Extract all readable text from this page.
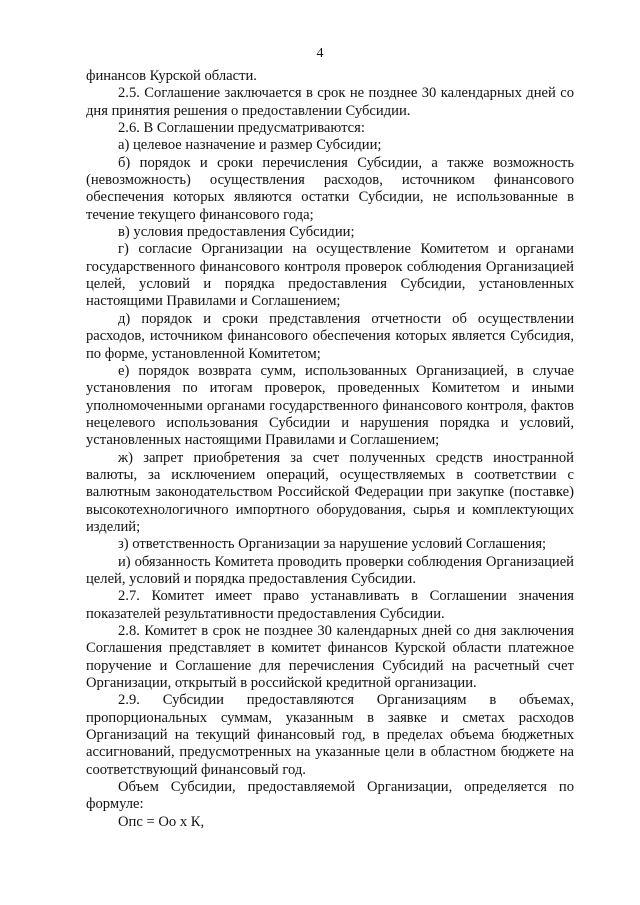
4

финансов Курской области.

2.5. Соглашение заключается в срок не позднее 30 календарных дней со дня принятия решения о предоставлении Субсидии.

2.6. В Соглашении предусматриваются:

а) целевое назначение и размер Субсидии;

б) порядок и сроки перечисления Субсидии, а также возможность (невозможность) осуществления расходов, источником финансового обеспечения которых являются остатки Субсидии, не использованные в течение текущего финансового года;

в) условия предоставления Субсидии;

г) согласие Организации на осуществление Комитетом и органами государственного финансового контроля проверок соблюдения Организацией целей, условий и порядка предоставления Субсидии, установленных настоящими Правилами и Соглашением;

д) порядок и сроки представления отчетности об осуществлении расходов, источником финансового обеспечения которых является Субсидия, по форме, установленной Комитетом;

е) порядок возврата сумм, использованных Организацией, в случае установления по итогам проверок, проведенных Комитетом и иными уполномоченными органами государственного финансового контроля, фактов нецелевого использования Субсидии и нарушения порядка и условий, установленных настоящими Правилами и Соглашением;

ж) запрет приобретения за счет полученных средств иностранной валюты, за исключением операций, осуществляемых в соответствии с валютным законодательством Российской Федерации при закупке (поставке) высокотехнологичного импортного оборудования, сырья и комплектующих изделий;

з) ответственность Организации за нарушение условий Соглашения;

и) обязанность Комитета проводить проверки соблюдения Организацией целей, условий и порядка предоставления Субсидии.

2.7. Комитет имеет право устанавливать в Соглашении значения показателей результативности предоставления Субсидии.

2.8. Комитет в срок не позднее 30 календарных дней со дня заключения Соглашения представляет в комитет финансов Курской области платежное поручение и Соглашение для перечисления Субсидий на расчетный счет Организации, открытый в российской кредитной организации.

2.9. Субсидии предоставляются Организациям в объемах, пропорциональных суммам, указанным в заявке и сметах расходов Организаций на текущий финансовый год, в пределах объема бюджетных ассигнований, предусмотренных на указанные цели в областном бюджете на соответствующий финансовый год.

Объем Субсидии, предоставляемой Организации, определяется по формуле:

Опс = Оо х К,
